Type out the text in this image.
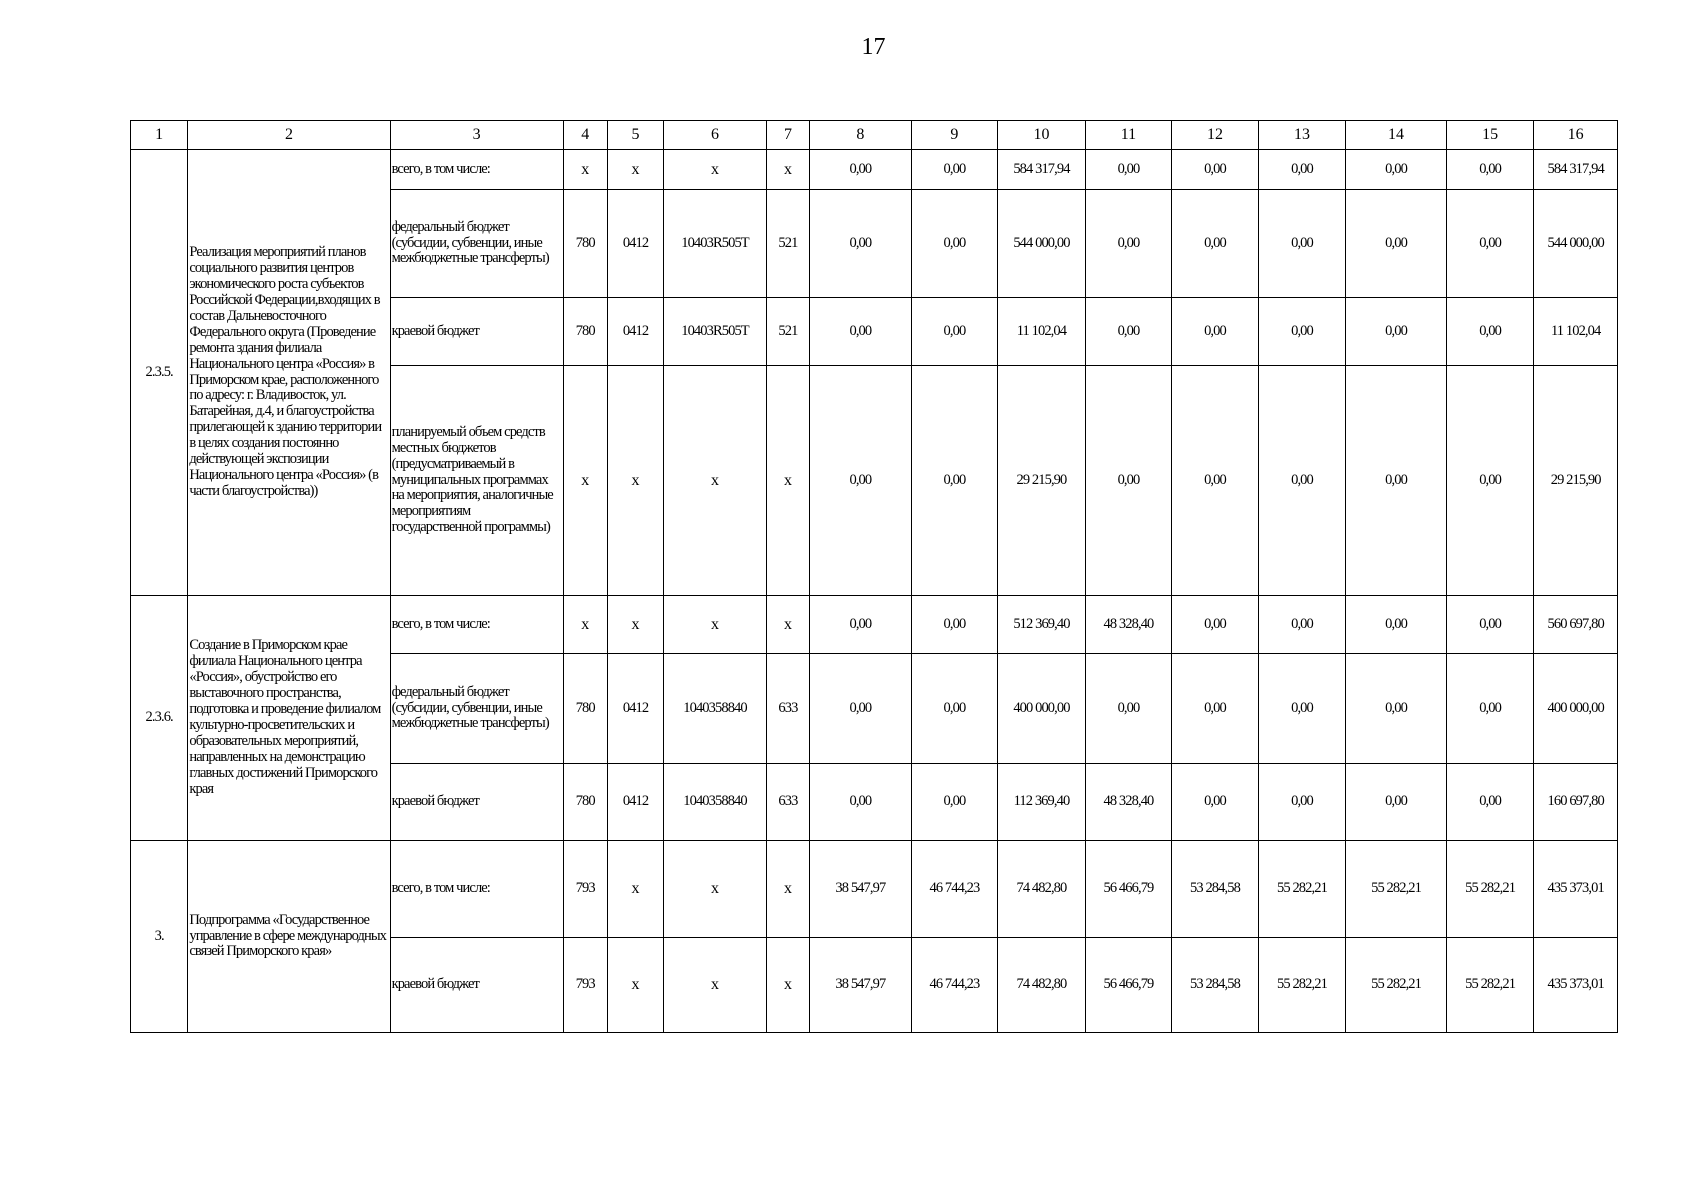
17
1	2	3	4	5	6	7	8	9	10	11	12	13	14	15	16
2.3.5.	Реализация мероприятий планов социального развития центров экономического роста субъектов Российской Федерации,входящих в состав Дальневосточного Федерального округа (Проведение ремонта здания филиала Национального центра «Россия» в Приморском крае, расположенного по адресу: г. Владивосток, ул. Батарейная, д.4, и благоустройства прилегающей к зданию территории в целях создания постоянно действующей экспозиции Национального центра «Россия» (в части благоустройства))	всего, в том числе:	x	x	x	x	0,00	0,00	584 317,94	0,00	0,00	0,00	0,00	0,00	584 317,94
		федеральный бюджет (субсидии, субвенции, иные межбюджетные трансферты)	780	0412	10403R505T	521	0,00	0,00	544 000,00	0,00	0,00	0,00	0,00	0,00	544 000,00
		краевой бюджет	780	0412	10403R505T	521	0,00	0,00	11 102,04	0,00	0,00	0,00	0,00	0,00	11 102,04
		планируемый объем средств местных бюджетов (предусматриваемый в муниципальных программах на мероприятия, аналогичные мероприятиям государственной программы)	x	x	x	x	0,00	0,00	29 215,90	0,00	0,00	0,00	0,00	0,00	29 215,90
2.3.6.	Создание в Приморском крае филиала Национального центра «Россия», обустройство его выставочного пространства, подготовка и проведение филиалом культурно-просветительских и образовательных мероприятий, направленных на демонстрацию главных достижений Приморского края	всего, в том числе:	x	x	x	x	0,00	0,00	512 369,40	48 328,40	0,00	0,00	0,00	0,00	560 697,80
		федеральный бюджет (субсидии, субвенции, иные межбюджетные трансферты)	780	0412	1040358840	633	0,00	0,00	400 000,00	0,00	0,00	0,00	0,00	0,00	400 000,00
		краевой бюджет	780	0412	1040358840	633	0,00	0,00	112 369,40	48 328,40	0,00	0,00	0,00	0,00	160 697,80
3.	Подпрограмма «Государственное управление в сфере международных связей Приморского края»	всего, в том числе:	793	x	x	x	38 547,97	46 744,23	74 482,80	56 466,79	53 284,58	55 282,21	55 282,21	55 282,21	435 373,01
		краевой бюджет	793	x	x	x	38 547,97	46 744,23	74 482,80	56 466,79	53 284,58	55 282,21	55 282,21	55 282,21	435 373,01
